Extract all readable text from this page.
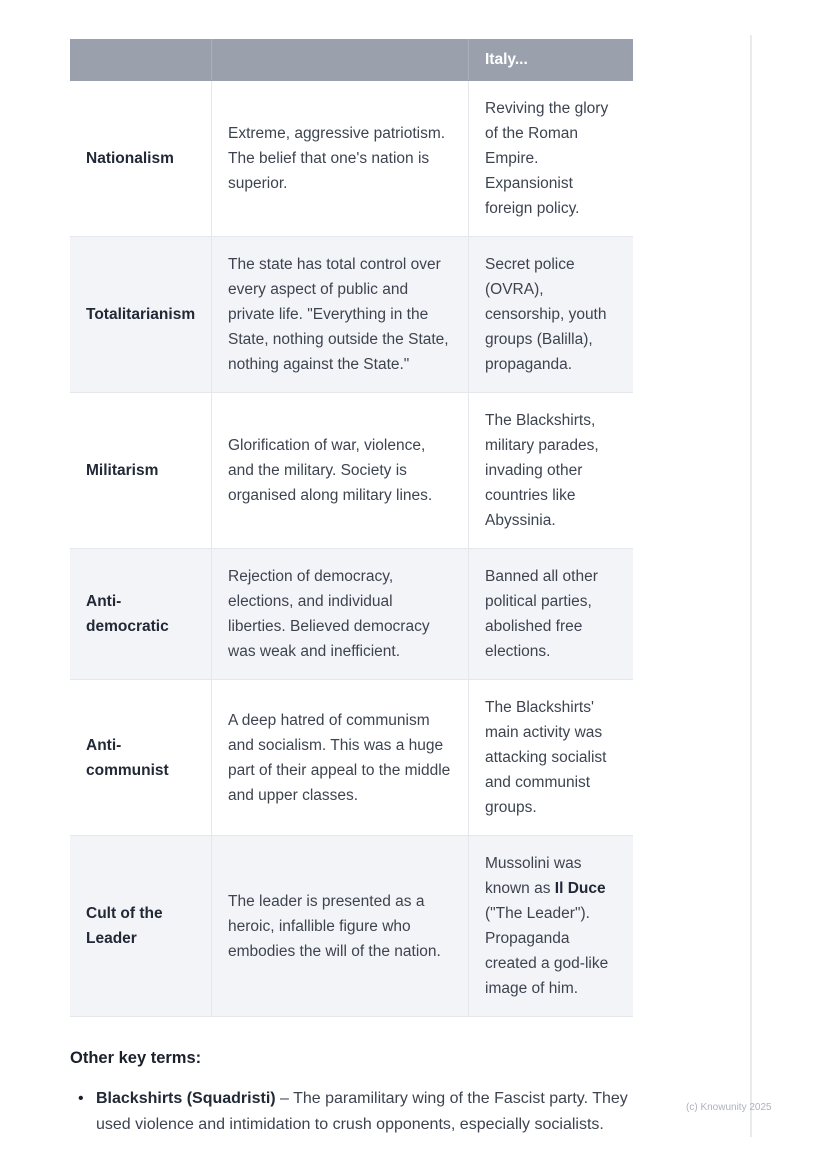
Italy...
Nationalism
Extreme, aggressive patriotism. The belief that one's nation is superior.
Reviving the glory of the Roman Empire. Expansionist foreign policy.
Totalitarianism
The state has total control over every aspect of public and private life. "Everything in the State, nothing outside the State, nothing against the State."
Secret police (OVRA), censorship, youth groups (Balilla), propaganda.
Militarism
Glorification of war, violence, and the military. Society is organised along military lines.
The Blackshirts, military parades, invading other countries like Abyssinia.
Anti-democratic
Rejection of democracy, elections, and individual liberties. Believed democracy was weak and inefficient.
Banned all other political parties, abolished free elections.
Anti-communist
A deep hatred of communism and socialism. This was a huge part of their appeal to the middle and upper classes.
The Blackshirts' main activity was attacking socialist and communist groups.
Cult of the Leader
The leader is presented as a heroic, infallible figure who embodies the will of the nation.
Mussolini was known as Il Duce ("The Leader"). Propaganda created a god-like image of him.
Other key terms:
• Blackshirts (Squadristi) – The paramilitary wing of the Fascist party. They used violence and intimidation to crush opponents, especially socialists.
(c) Knowunity 2025
